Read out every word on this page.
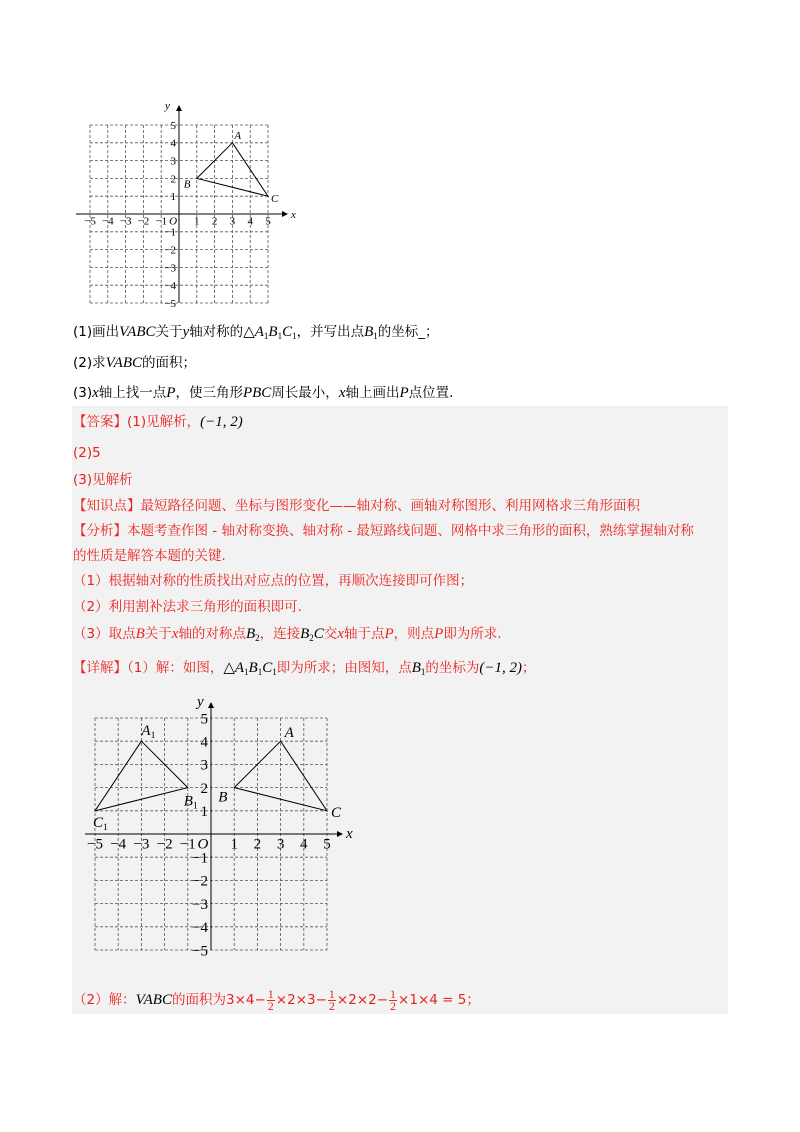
x
y
O
−5 −4 −3 −2 −1 1 2 3 4 5
1
2
3
4
5
−1
−2
−3
−4
−5
A
B
C
(1)画出VABC关于y轴对称的$\triangle A_1B_1C_1$，并写出点$B_1$的坐标_；
(2)求VABC的面积；
(3)x轴上找一点P，使三角形PBC周长最小，x轴上画出P点位置.
【答案】(1)见解析，(−1, 2)
(2)5
(3)见解析
【知识点】最短路径问题、坐标与图形变化——轴对称、画轴对称图形、利用网格求三角形面积
【分析】本题考查作图 - 轴对称变换、轴对称 - 最短路线问题、网格中求三角形的面积，熟练掌握轴对称
的性质是解答本题的关键.
（1）根据轴对称的性质找出对应点的位置，再顺次连接即可作图；
（2）利用割补法求三角形的面积即可.
（3）取点B关于x轴的对称点$B_2$，连接$B_2C$交x轴于点P，则点P即为所求.
【详解】（1）解：如图，$\triangle A_1B_1C_1$即为所求；由图知，点$B_1$的坐标为(−1, 2)；
x
y
O
−5 −4 −3 −2 −1 1 2 3 4 5
1
2
3
4
5
−1
−2
−3
−4
−5
A
B
C
$A_1$
$B_1$
$C_1$
（2）解：VABC的面积为$3\times 4- \frac{1}{2} \times 2\times 3- \frac{1}{2} \times 2\times 2- \frac{1}{2} \times 1\times 4 = 5$；
